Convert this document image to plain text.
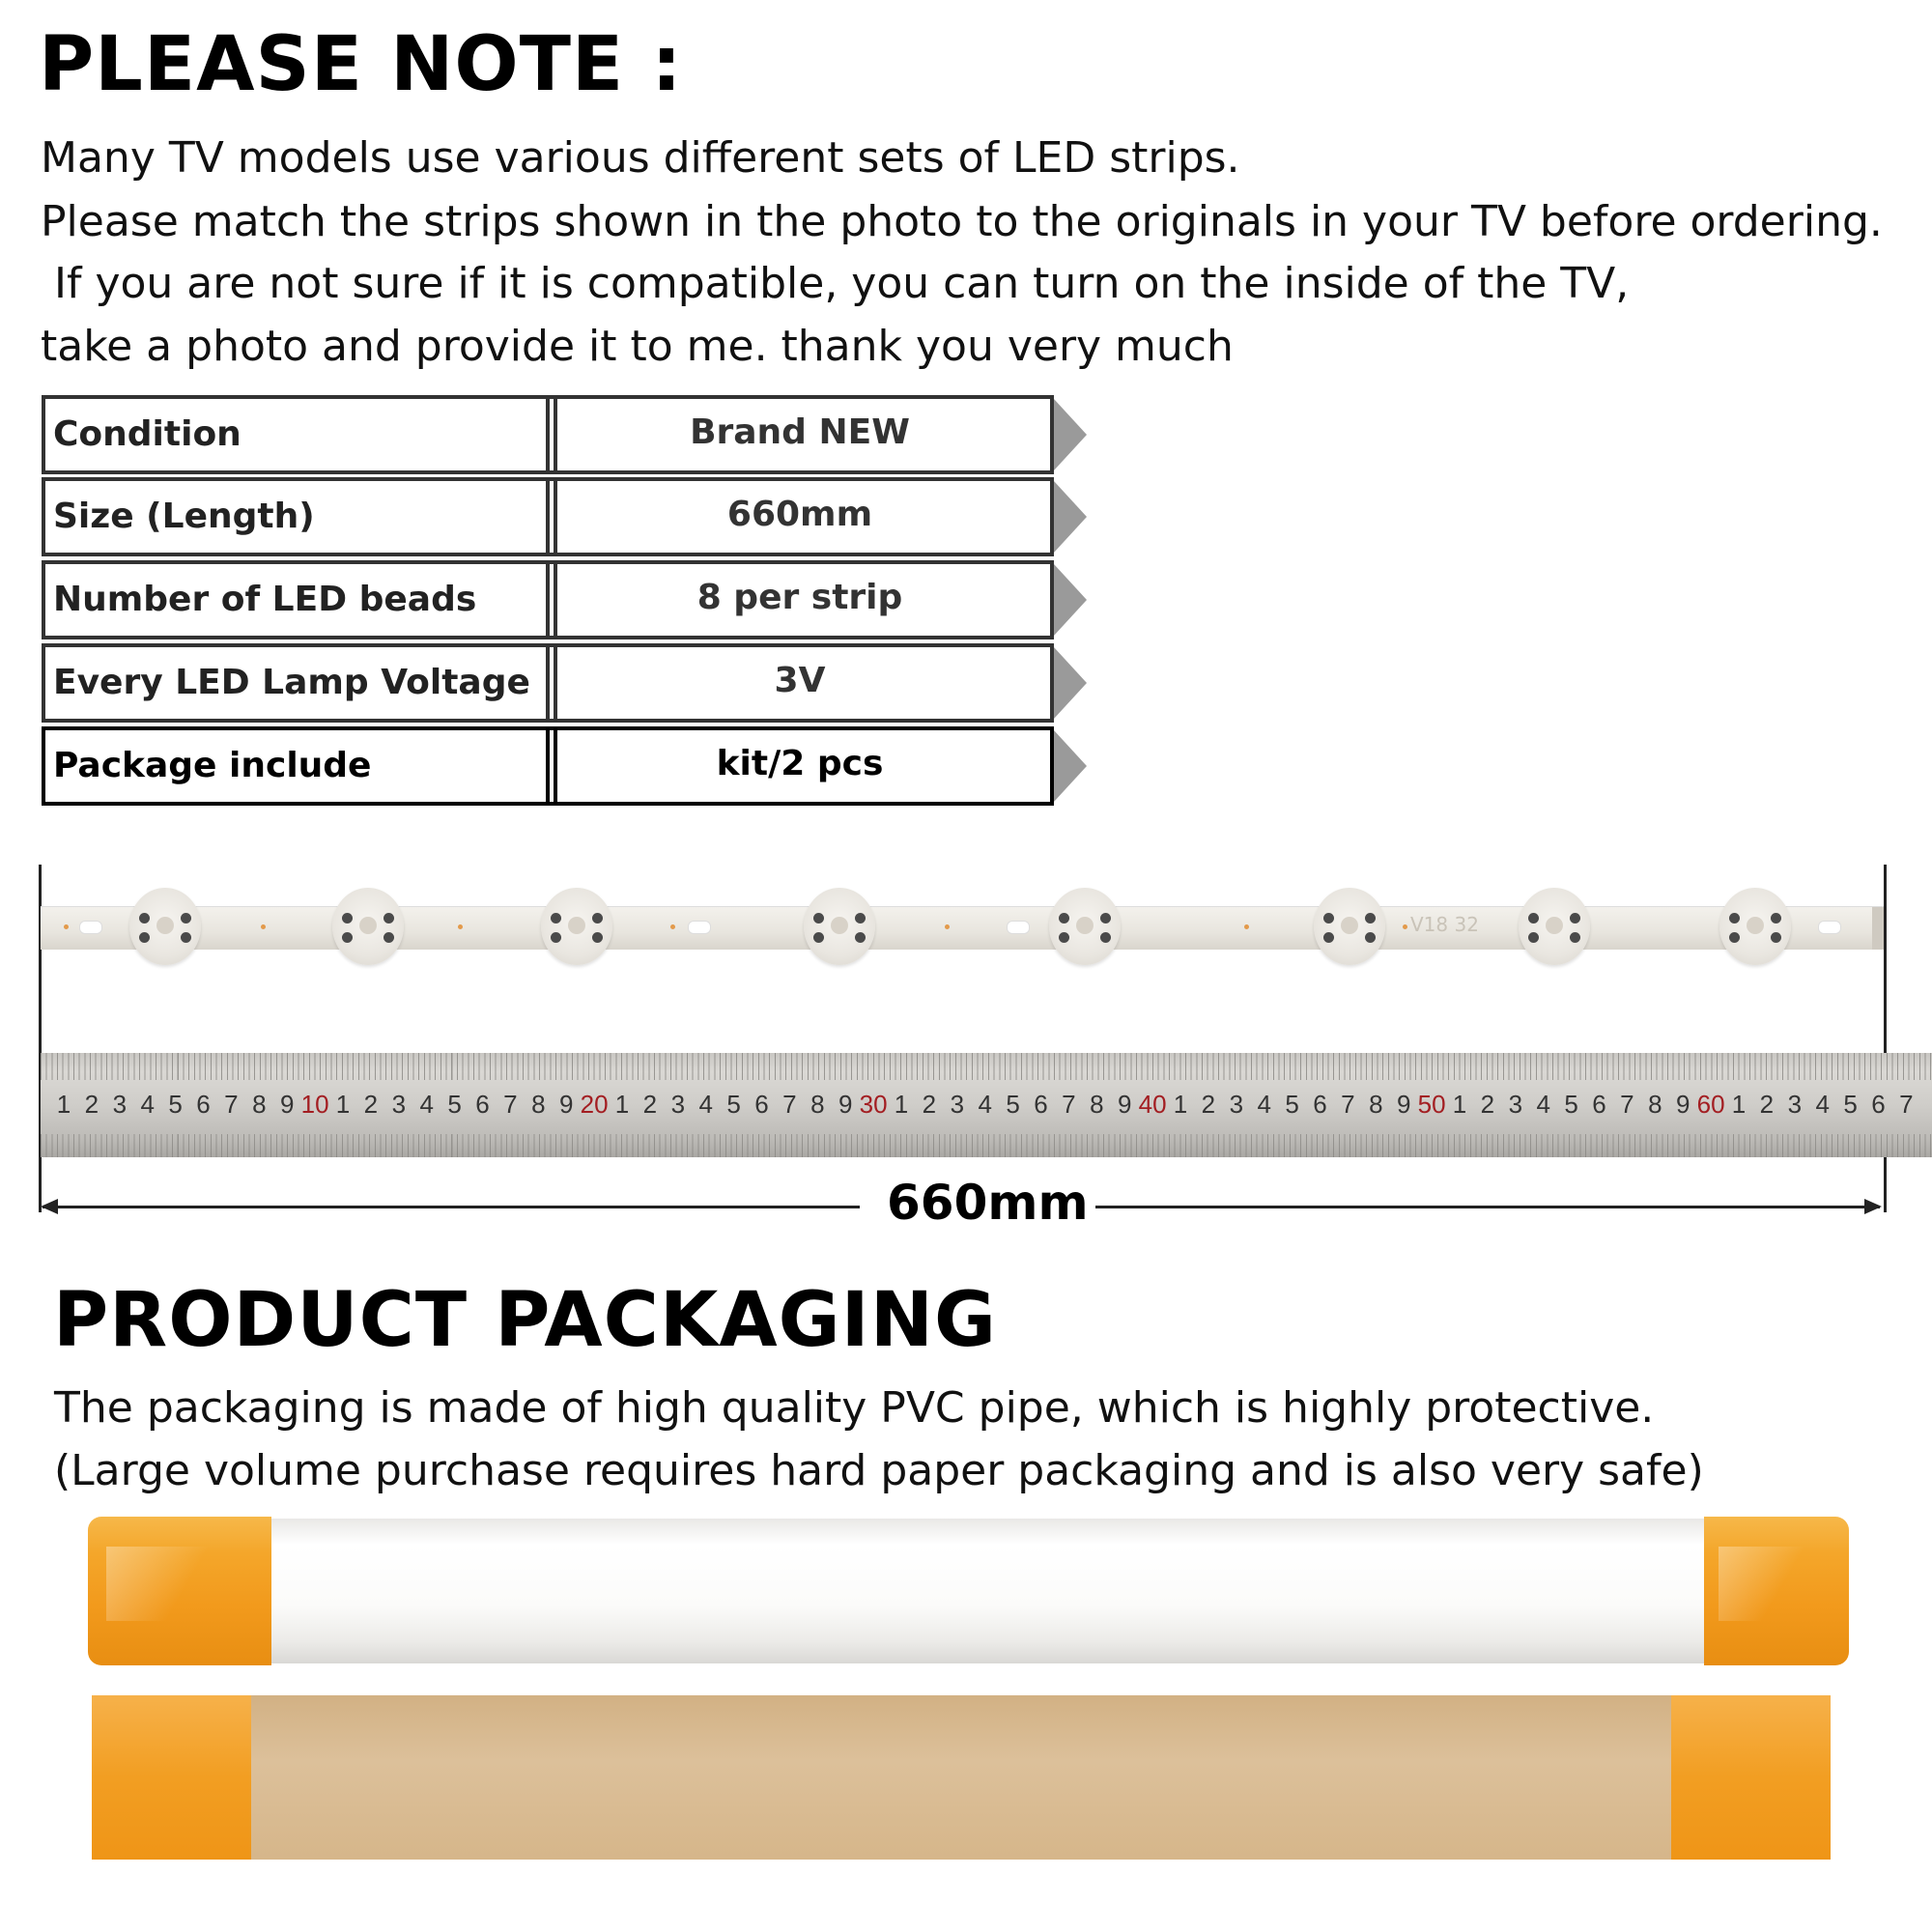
PLEASE NOTE :
Many TV models use various different sets of LED strips.
Please match the strips shown in the photo to the originals in your TV before ordering.
If you are not sure if it is compatible, you can turn on the inside of the TV,
take a photo and provide it to me. thank you very much
Condition	Brand NEW
Size (Length)	660mm
Number of LED beads	8 per strip
Every LED Lamp Voltage	3V
Package include	kit/2 pcs
V18 32
1 2 3 4 5 6 7 8 9 10 1 2 3 4 5 6 7 8 9 20 1 2 3 4 5 6 7 8 9 30 1 2 3 4 5 6 7 8 9 40 1 2 3 4 5 6 7 8 9 50 1 2 3 4 5 6 7 8 9 60 1 2 3 4 5 6 7
660mm
PRODUCT PACKAGING
The packaging is made of high quality PVC pipe, which is highly protective.
(Large volume purchase requires hard paper packaging and is also very safe)
